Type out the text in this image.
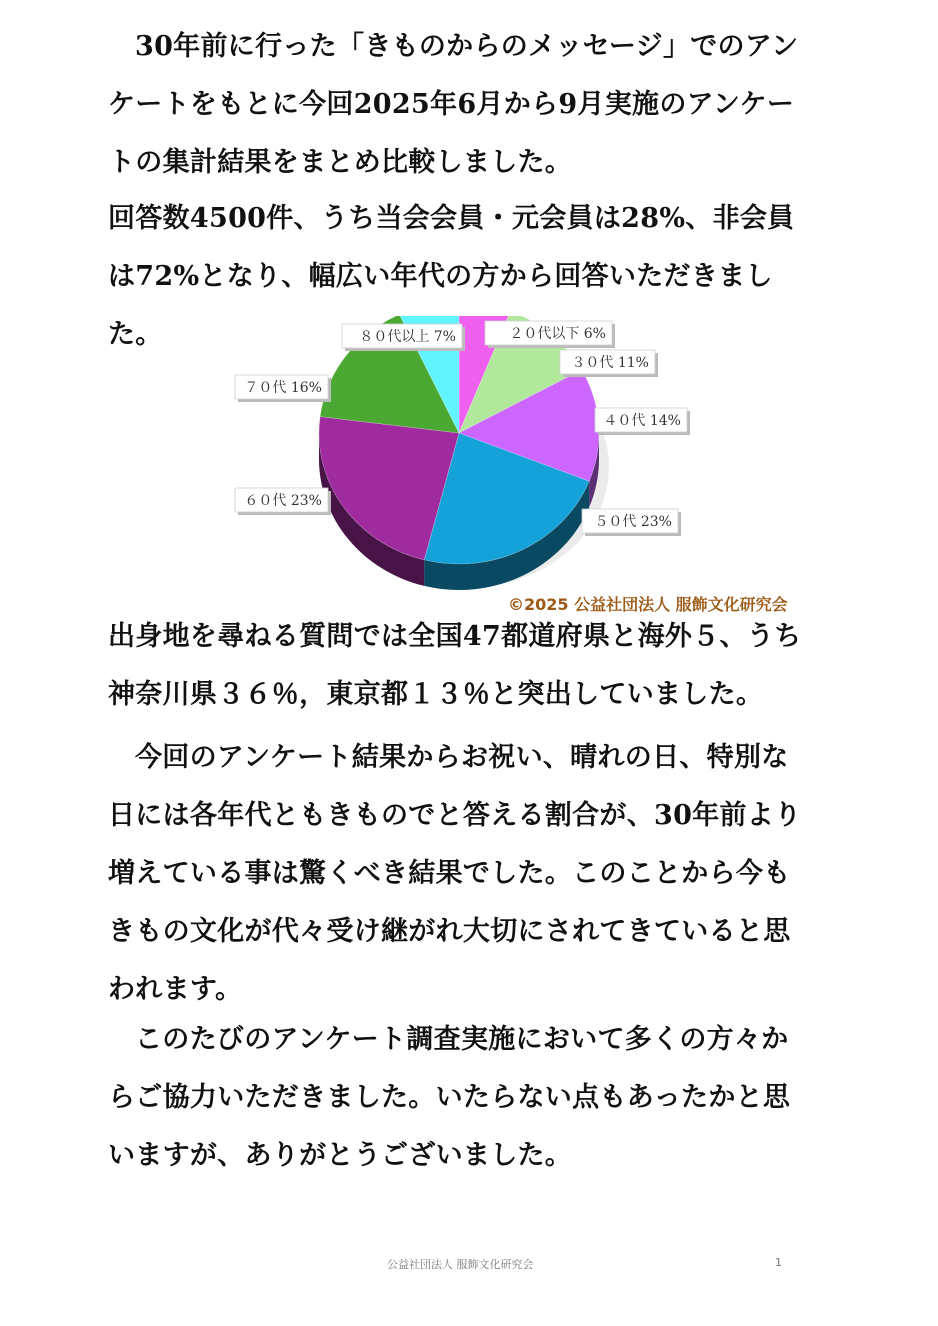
30年前に行った「きものからのメッセージ」でのアンケートをもとに今回2025年6月から9月実施のアンケートの集計結果をまとめ比較しました。

回答数4500件、うち当会会員・元会員は28%、非会員は72%となり、幅広い年代の方から回答いただきました。	２０代以下 6%
３０代 11%
４０代 14%
５０代 23%
６０代 23%
７０代 16%
８０代以上 7%
©2025 公益社団法人 服飾文化研究会

出身地を尋ねる質問では全国47都道府県と海外５、うち神奈川県３６％，東京都１３％と突出していました。

今回のアンケート結果からお祝い、晴れの日、特別な日には各年代ともきものでと答える割合が、30年前より増えている事は驚くべき結果でした。このことから今もきもの文化が代々受け継がれ大切にされてきていると思われます。

このたびのアンケート調査実施において多くの方々からご協力いただきました。いたらない点もあったかと思いますが、ありがとうございました。

公益社団法人 服飾文化研究会	1
